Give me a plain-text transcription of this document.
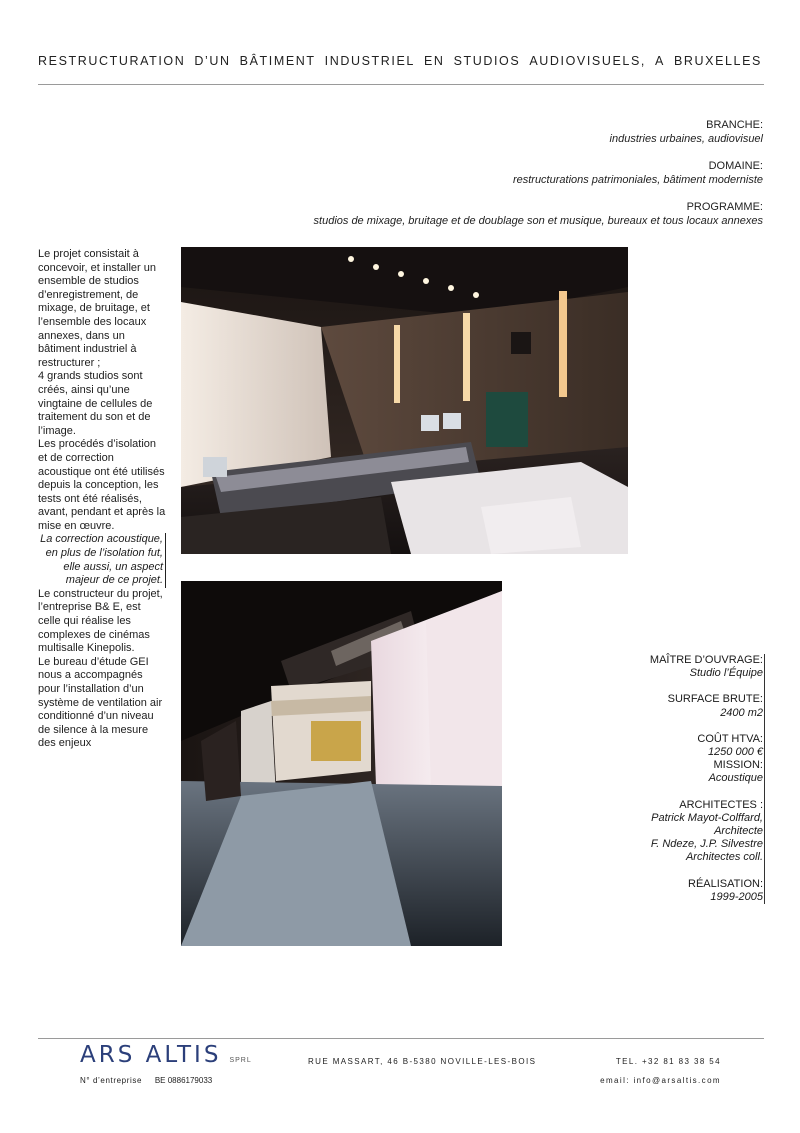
RESTRUCTURATION D’UN BÂTIMENT INDUSTRIEL EN STUDIOS AUDIOVISUELS, A BRUXELLES
BRANCHE:
industries urbaines, audiovisuel
DOMAINE:
restructurations patrimoniales, bâtiment moderniste
PROGRAMME:
studios de mixage, bruitage et de doublage son et musique, bureaux et tous locaux annexes

Le projet consistait à concevoir, et installer un ensemble de studios d’enregistrement, de mixage, de bruitage, et l’ensemble des locaux annexes, dans un bâtiment industriel à restructurer ;

4 grands studios sont créés, ainsi qu’une vingtaine de cellules de traitement du son et de l’image.

Les procédés d’isolation et de correction acoustique ont été utilisés depuis la conception, les tests ont été réalisés, avant, pendant et après la mise en œuvre.

La correction acoustique, en plus de l’isolation fut, elle aussi, un aspect majeur de ce projet.

Le constructeur du projet, l’entreprise B& E, est celle qui réalise les complexes de cinémas multisalle Kinepolis.

Le bureau d’étude GEI nous a accompagnés pour l’installation d’un système de ventilation air conditionné d’un niveau de silence à la mesure des enjeux

MAÎTRE D’OUVRAGE:
Studio l’Équipe
SURFACE BRUTE:
2400 m2
COÛT HTVA:
1250 000 €
MISSION:
Acoustique
ARCHITECTES :
Patrick Mayot-Colffard,
Architecte
F. Ndeze, J.P. Silvestre
Architectes coll.
RÉALISATION:
1999-2005
ARS ALTIS SPRL
N° d’entreprise BE 0886179033
RUE MASSART, 46 B-5380 NOVILLE-LES-BOIS	TEL. +32 81 83 38 54
email: info@arsaltis.com
